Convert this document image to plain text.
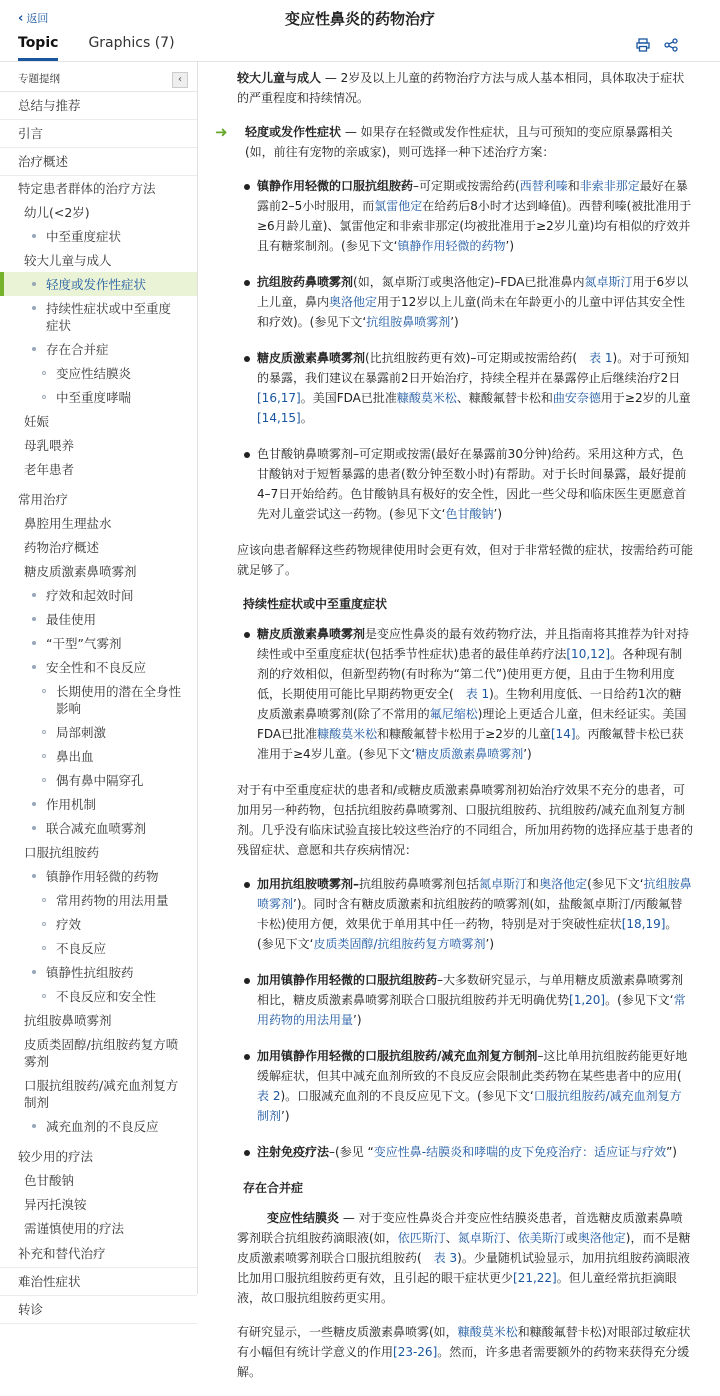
‹ 返回	变应性鼻炎的药物治疗
Topic Graphics (7)
专题提纲	‹
总结与推荐
引言
治疗概述
特定患者群体的治疗方法
幼儿(<2岁)
中至重度症状
较大儿童与成人
轻度或发作性症状
持续性症状或中至重度症状
存在合并症
变应性结膜炎
中至重度哮喘
妊娠
母乳喂养
老年患者
常用治疗
鼻腔用生理盐水
药物治疗概述
糖皮质激素鼻喷雾剂
疗效和起效时间
最佳使用
“干型”气雾剂
安全性和不良反应
长期使用的潜在全身性影响
局部刺激
鼻出血
偶有鼻中隔穿孔
作用机制
联合减充血喷雾剂
口服抗组胺药
镇静作用轻微的药物
常用药物的用法用量
疗效
不良反应
镇静性抗组胺药
不良反应和安全性
抗组胺鼻喷雾剂
皮质类固醇/抗组胺药复方喷雾剂
口服抗组胺药/减充血剂复方制剂
减充血剂的不良反应
较少用的疗法
色甘酸钠
异丙托溴铵
需谨慎使用的疗法
补充和替代治疗
难治性症状
转诊
较大儿童与成人 — 2岁及以上儿童的药物治疗方法与成人基本相同，具体取决于症状的严重程度和持续情况。
➜ 轻度或发作性症状 — 如果存在轻微或发作性症状，且与可预知的变应原暴露相关(如，前往有宠物的亲戚家)，则可选择一种下述治疗方案：
镇静作用轻微的口服抗组胺药–可定期或按需给药(西替利嗪和非索非那定最好在暴露前2–5小时服用，而氯雷他定在给药后8小时才达到峰值)。西替利嗪(被批准用于≥6月龄儿童)、氯雷他定和非索非那定(均被批准用于≥2岁儿童)均有相似的疗效并且有糖浆制剂。(参见下文‘镇静作用轻微的药物’)
抗组胺药鼻喷雾剂(如，氮卓斯汀或奥洛他定)–FDA已批准鼻内氮卓斯汀用于6岁以上儿童，鼻内奥洛他定用于12岁以上儿童(尚未在年龄更小的儿童中评估其安全性和疗效)。(参见下文‘抗组胺鼻喷雾剂’)
糖皮质激素鼻喷雾剂(比抗组胺药更有效)–可定期或按需给药(　表 1)。对于可预知的暴露，我们建议在暴露前2日开始治疗，持续全程并在暴露停止后继续治疗2日[16,17]。美国FDA已批准糠酸莫米松、糠酸氟替卡松和曲安奈德用于≥2岁的儿童[14,15]。
色甘酸钠鼻喷雾剂–可定期或按需(最好在暴露前30分钟)给药。采用这种方式，色甘酸钠对于短暂暴露的患者(数分钟至数小时)有帮助。对于长时间暴露，最好提前4–7日开始给药。色甘酸钠具有极好的安全性，因此一些父母和临床医生更愿意首先对儿童尝试这一药物。(参见下文‘色甘酸钠’)
应该向患者解释这些药物规律使用时会更有效，但对于非常轻微的症状，按需给药可能就足够了。
持续性症状或中至重度症状
糖皮质激素鼻喷雾剂是变应性鼻炎的最有效药物疗法，并且指南将其推荐为针对持续性或中至重度症状(包括季节性症状)患者的最佳单药疗法[10,12]。各种现有制剂的疗效相似，但新型药物(有时称为“第二代”)使用更方便，且由于生物利用度低，长期使用可能比早期药物更安全(　表 1)。生物利用度低、一日给药1次的糖皮质激素鼻喷雾剂(除了不常用的氟尼缩松)理论上更适合儿童，但未经证实。美国FDA已批准糠酸莫米松和糠酸氟替卡松用于≥2岁的儿童[14]。丙酸氟替卡松已获准用于≥4岁儿童。(参见下文‘糖皮质激素鼻喷雾剂’)
对于有中至重度症状的患者和/或糖皮质激素鼻喷雾剂初始治疗效果不充分的患者，可加用另一种药物，包括抗组胺药鼻喷雾剂、口服抗组胺药、抗组胺药/减充血剂复方制剂。几乎没有临床试验直接比较这些治疗的不同组合，所加用药物的选择应基于患者的残留症状、意愿和共存疾病情况：
加用抗组胺喷雾剂–抗组胺药鼻喷雾剂包括氮卓斯汀和奥洛他定(参见下文‘抗组胺鼻喷雾剂’)。同时含有糖皮质激素和抗组胺药的喷雾剂(如，盐酸氮卓斯汀/丙酸氟替卡松)使用方便，效果优于单用其中任一药物，特别是对于突破性症状[18,19]。(参见下文‘皮质类固醇/抗组胺药复方喷雾剂’)
加用镇静作用轻微的口服抗组胺药–大多数研究显示，与单用糖皮质激素鼻喷雾剂相比，糖皮质激素鼻喷雾剂联合口服抗组胺药并无明确优势[1,20]。(参见下文‘常用药物的用法用量’)
加用镇静作用轻微的口服抗组胺药/减充血剂复方制剂–这比单用抗组胺药能更好地缓解症状，但其中减充血剂所致的不良反应会限制此类药物在某些患者中的应用(　表 2)。口服减充血剂的不良反应见下文。(参见下文‘口服抗组胺药/减充血剂复方制剂’)
注射免疫疗法–(参见 “变应性鼻-结膜炎和哮喘的皮下免疫治疗：适应证与疗效”)
存在合并症
变应性结膜炎 — 对于变应性鼻炎合并变应性结膜炎患者，首选糖皮质激素鼻喷雾剂联合抗组胺药滴眼液(如，依匹斯汀、氮卓斯汀、依美斯汀或奥洛他定)，而不是糖皮质激素喷雾剂联合口服抗组胺药(　表 3)。少量随机试验显示，加用抗组胺药滴眼液比加用口服抗组胺药更有效，且引起的眼干症状更少[21,22]。但儿童经常抗拒滴眼液，故口服抗组胺药更实用。
有研究显示，一些糖皮质激素鼻喷雾(如，糠酸莫米松和糠酸氟替卡松)对眼部过敏症状有小幅但有统计学意义的作用[23-26]。然而，许多患者需要额外的药物来获得充分缓解。
